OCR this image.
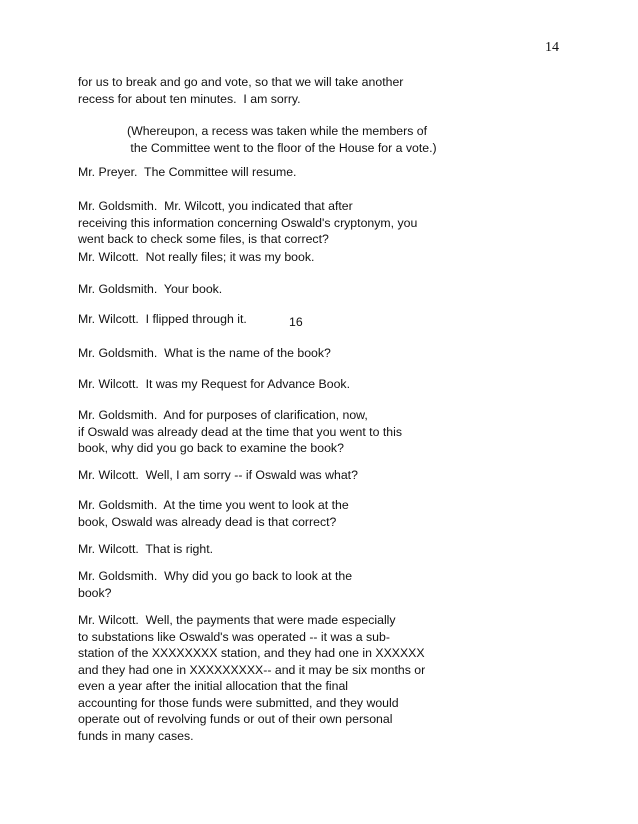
14
for us to break and go and vote, so that we will take another
recess for about ten minutes.  I am sorry.
(Whereupon, a recess was taken while the members of
the Committee went to the floor of the House for a vote.)
Mr. Preyer.  The Committee will resume.
Mr. Goldsmith.  Mr. Wilcott, you indicated that after
receiving this information concerning Oswald's cryptonym, you
went back to check some files, is that correct?
Mr. Wilcott.  Not really files; it was my book.
Mr. Goldsmith.  Your book.
Mr. Wilcott.  I flipped through it.	16
Mr. Goldsmith.  What is the name of the book?
Mr. Wilcott.  It was my Request for Advance Book.
Mr. Goldsmith.  And for purposes of clarification, now,
if Oswald was already dead at the time that you went to this
book, why did you go back to examine the book?
Mr. Wilcott.  Well, I am sorry -- if Oswald was what?
Mr. Goldsmith.  At the time you went to look at the
book, Oswald was already dead is that correct?
Mr. Wilcott.  That is right.
Mr. Goldsmith.  Why did you go back to look at the
book?
Mr. Wilcott.  Well, the payments that were made especially
to substations like Oswald's was operated -- it was a sub-
station of the XXXXXXXX station, and they had one in XXXXXX
and they had one in XXXXXXXXX-- and it may be six months or
even a year after the initial allocation that the final
accounting for those funds were submitted, and they would
operate out of revolving funds or out of their own personal
funds in many cases.
